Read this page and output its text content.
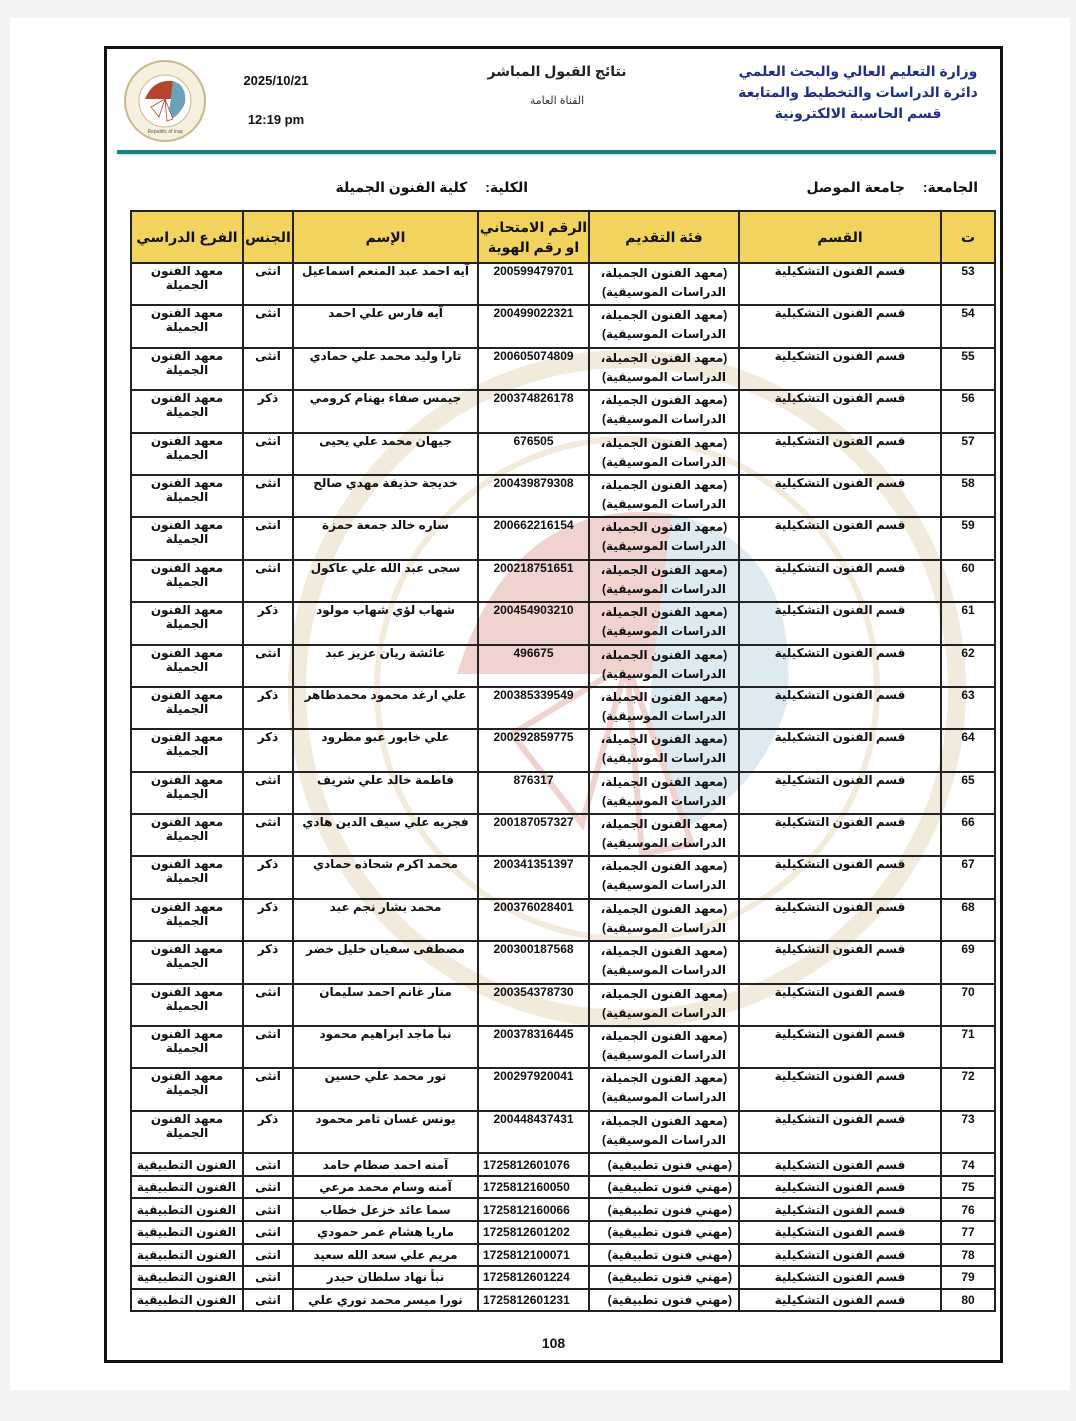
Republic of Iraq
2025/10/21
12:19 pm
نتائج القبول المباشر
القناة العامة
وزارة التعليم العالي والبحث العلمي
دائرة الدراسات والتخطيط والمتابعة
قسم الحاسبة الالكترونية
الجامعة: جامعة الموصل
الكلية: كلية الفنون الجميلة
ت	القسم	فئة التقديم	الرقم الامتحاني
او رقم الهوية	الإسم	الجنس	الفرع الدراسي
53	قسم الفنون التشكيلية	(معهد الفنون الجميلة،
الدراسات الموسيقية)	200599479701	آيه احمد عبد المنعم اسماعيل	انثى	معهد الفنون الجميلة
54	قسم الفنون التشكيلية	(معهد الفنون الجميلة،
الدراسات الموسيقية)	200499022321	آيه فارس علي احمد	انثى	معهد الفنون الجميلة
55	قسم الفنون التشكيلية	(معهد الفنون الجميلة،
الدراسات الموسيقية)	200605074809	تارا وليد محمد علي حمادي	انثى	معهد الفنون الجميلة
56	قسم الفنون التشكيلية	(معهد الفنون الجميلة،
الدراسات الموسيقية)	200374826178	جيمس صفاء بهنام كرومي	ذكر	معهد الفنون الجميلة
57	قسم الفنون التشكيلية	(معهد الفنون الجميلة،
الدراسات الموسيقية)	676505	جيهان محمد علي يحيى	انثى	معهد الفنون الجميلة
58	قسم الفنون التشكيلية	(معهد الفنون الجميلة،
الدراسات الموسيقية)	200439879308	خديجة حذيفة مهدي صالح	انثى	معهد الفنون الجميلة
59	قسم الفنون التشكيلية	(معهد الفنون الجميلة،
الدراسات الموسيقية)	200662216154	ساره خالد جمعة حمزة	انثى	معهد الفنون الجميلة
60	قسم الفنون التشكيلية	(معهد الفنون الجميلة،
الدراسات الموسيقية)	200218751651	سجى عبد الله علي عاكول	انثى	معهد الفنون الجميلة
61	قسم الفنون التشكيلية	(معهد الفنون الجميلة،
الدراسات الموسيقية)	200454903210	شهاب لؤي شهاب مولود	ذكر	معهد الفنون الجميلة
62	قسم الفنون التشكيلية	(معهد الفنون الجميلة،
الدراسات الموسيقية)	496675	عائشة ريان عزيز عبد	انثى	معهد الفنون الجميلة
63	قسم الفنون التشكيلية	(معهد الفنون الجميلة،
الدراسات الموسيقية)	200385339549	علي ارغد محمود محمدطاهر	ذكر	معهد الفنون الجميلة
64	قسم الفنون التشكيلية	(معهد الفنون الجميلة،
الدراسات الموسيقية)	200292859775	علي خابور عبو مطرود	ذكر	معهد الفنون الجميلة
65	قسم الفنون التشكيلية	(معهد الفنون الجميلة،
الدراسات الموسيقية)	876317	فاطمة خالد علي شريف	انثى	معهد الفنون الجميلة
66	قسم الفنون التشكيلية	(معهد الفنون الجميلة،
الدراسات الموسيقية)	200187057327	فجريه علي سيف الدين هادي	انثى	معهد الفنون الجميلة
67	قسم الفنون التشكيلية	(معهد الفنون الجميلة،
الدراسات الموسيقية)	200341351397	محمد اكرم شحاذه حمادي	ذكر	معهد الفنون الجميلة
68	قسم الفنون التشكيلية	(معهد الفنون الجميلة،
الدراسات الموسيقية)	200376028401	محمد بشار نجم عبد	ذكر	معهد الفنون الجميلة
69	قسم الفنون التشكيلية	(معهد الفنون الجميلة،
الدراسات الموسيقية)	200300187568	مصطفى سفيان خليل خضر	ذكر	معهد الفنون الجميلة
70	قسم الفنون التشكيلية	(معهد الفنون الجميلة،
الدراسات الموسيقية)	200354378730	منار غانم احمد سليمان	انثى	معهد الفنون الجميلة
71	قسم الفنون التشكيلية	(معهد الفنون الجميلة،
الدراسات الموسيقية)	200378316445	نبأ ماجد ابراهيم محمود	انثى	معهد الفنون الجميلة
72	قسم الفنون التشكيلية	(معهد الفنون الجميلة،
الدراسات الموسيقية)	200297920041	نور محمد علي حسين	انثى	معهد الفنون الجميلة
73	قسم الفنون التشكيلية	(معهد الفنون الجميلة،
الدراسات الموسيقية)	200448437431	يونس غسان ثامر محمود	ذكر	معهد الفنون الجميلة
74	قسم الفنون التشكيلية	(مهني فنون تطبيقية)	1725812601076	آمنه احمد صطام حامد	انثى	الفنون التطبيقية
75	قسم الفنون التشكيلية	(مهني فنون تطبيقية)	1725812160050	آمنه وسام محمد مرعي	انثى	الفنون التطبيقية
76	قسم الفنون التشكيلية	(مهني فنون تطبيقية)	1725812160066	سما عائد خزعل خطاب	انثى	الفنون التطبيقية
77	قسم الفنون التشكيلية	(مهني فنون تطبيقية)	1725812601202	ماريا هشام عمر حمودي	انثى	الفنون التطبيقية
78	قسم الفنون التشكيلية	(مهني فنون تطبيقية)	1725812100071	مريم علي سعد الله سعيد	انثى	الفنون التطبيقية
79	قسم الفنون التشكيلية	(مهني فنون تطبيقية)	1725812601224	نبأ نهاد سلطان حيدر	انثى	الفنون التطبيقية
80	قسم الفنون التشكيلية	(مهني فنون تطبيقية)	1725812601231	نورا ميسر محمد نوري علي	انثى	الفنون التطبيقية
108
